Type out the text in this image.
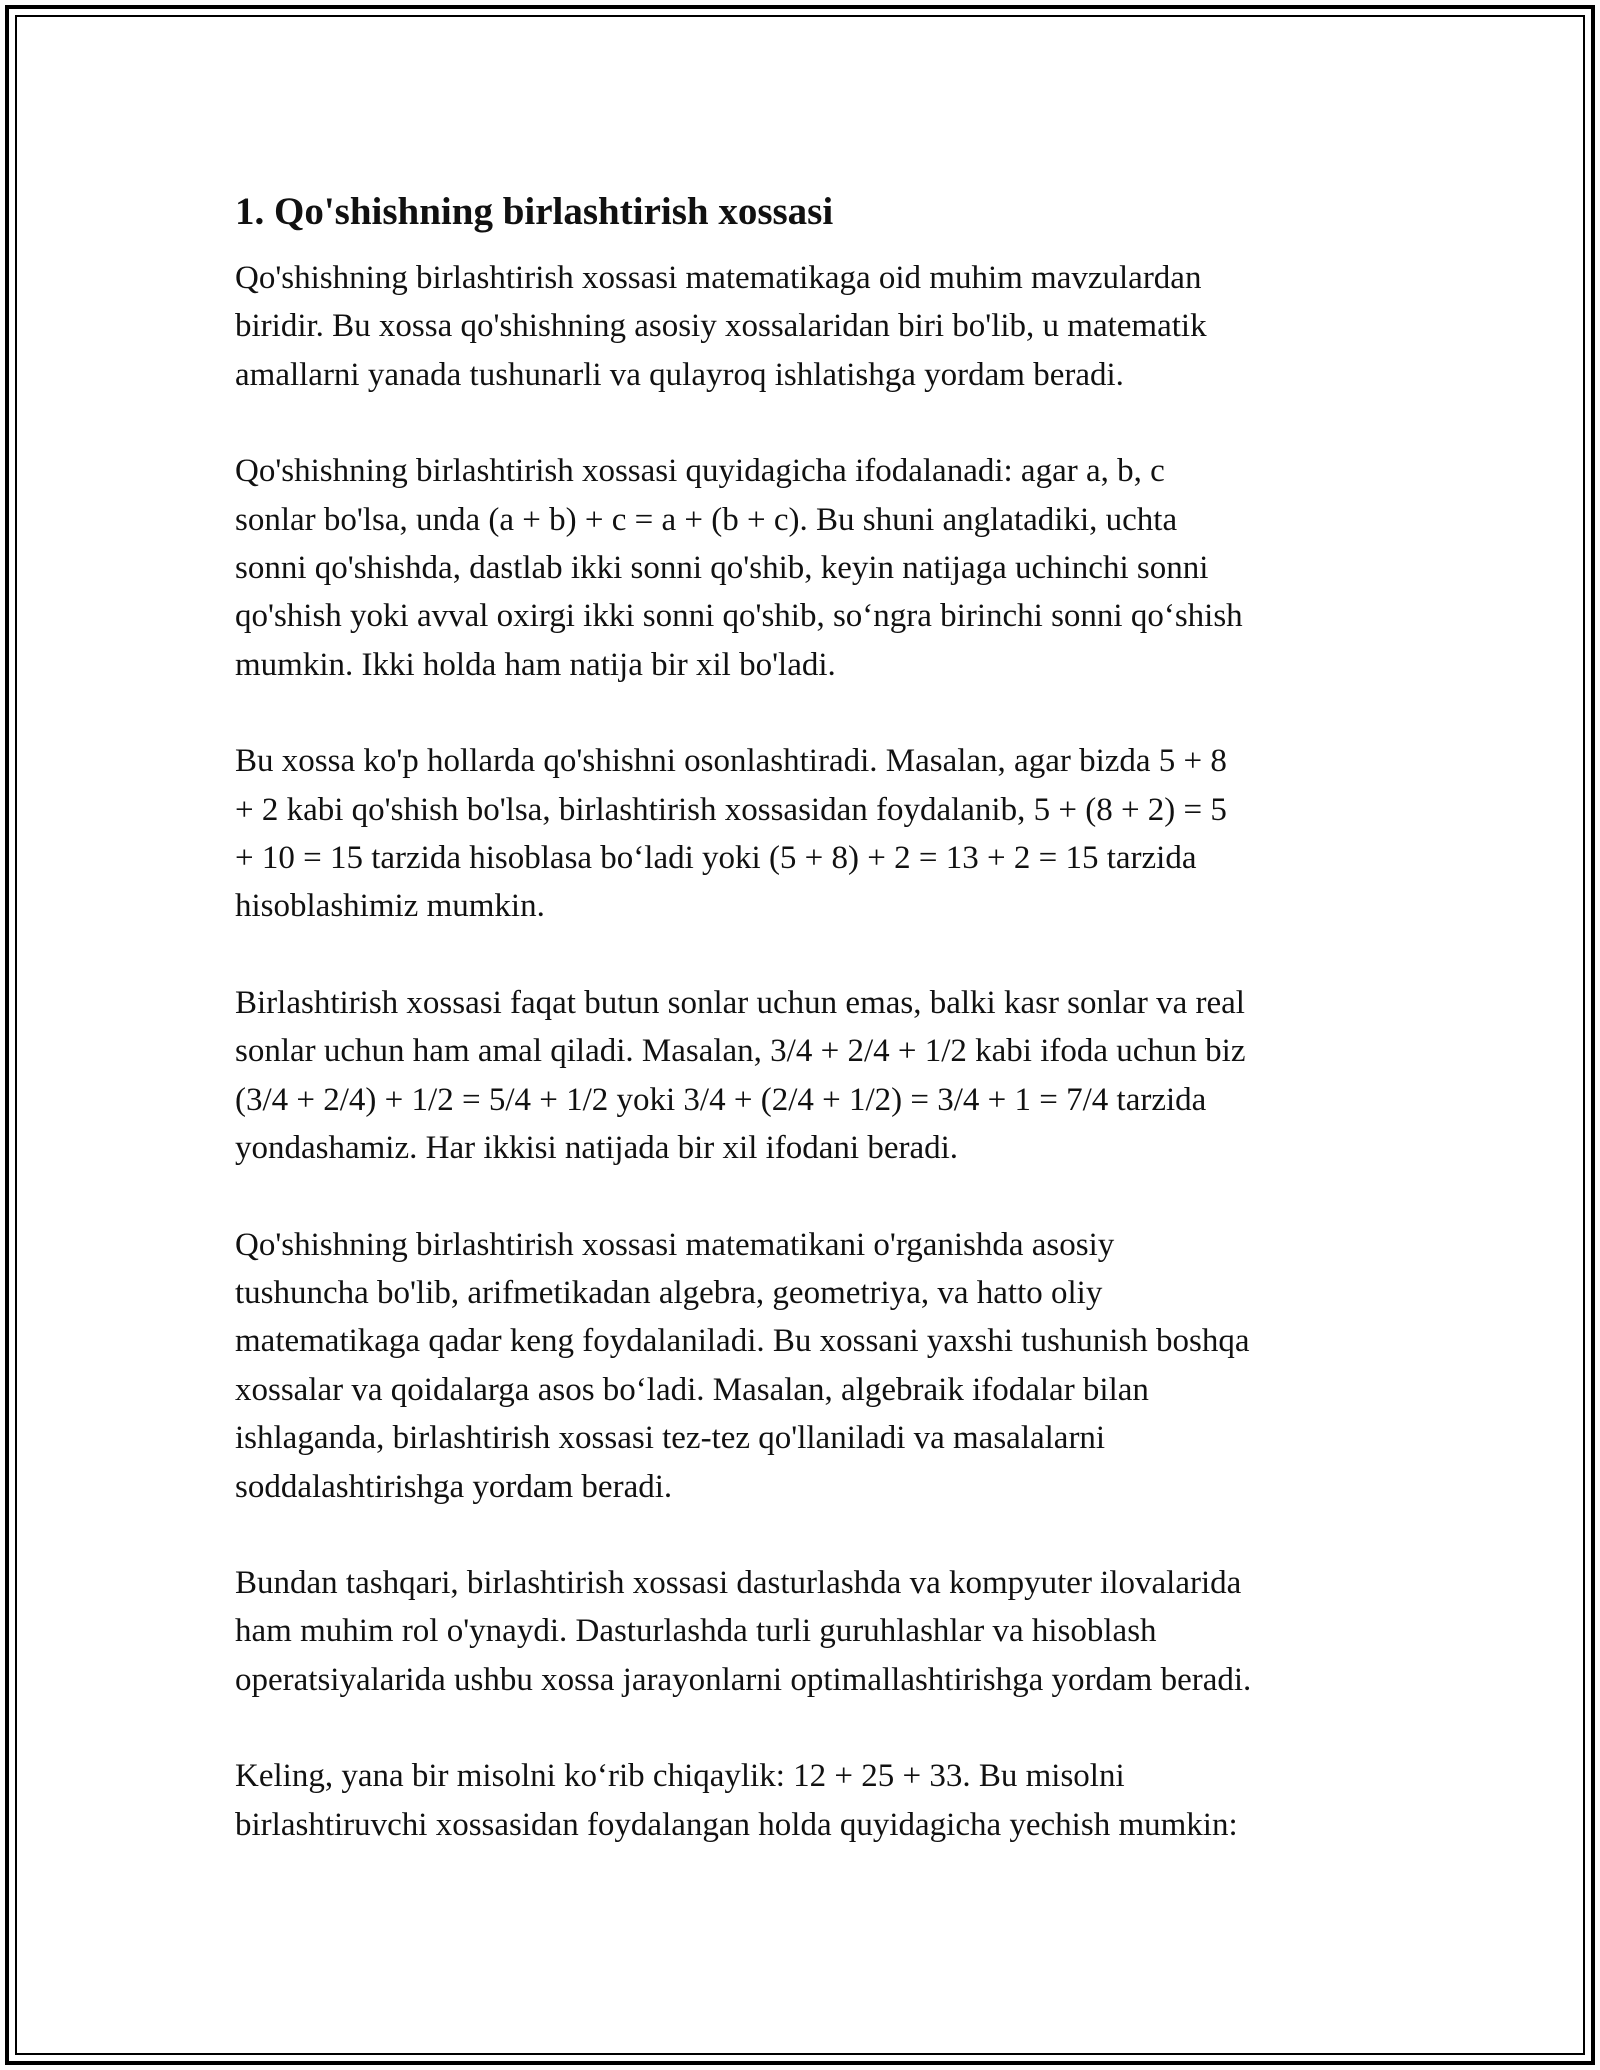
1. Qo'shishning birlashtirish xossasi

Qo'shishning birlashtirish xossasi matematikaga oid muhim mavzulardan
biridir. Bu xossa qo'shishning asosiy xossalaridan biri bo'lib, u matematik
amallarni yanada tushunarli va qulayroq ishlatishga yordam beradi.

Qo'shishning birlashtirish xossasi quyidagicha ifodalanadi: agar a, b, c
sonlar bo'lsa, unda (a + b) + c = a + (b + c). Bu shuni anglatadiki, uchta
sonni qo'shishda, dastlab ikki sonni qo'shib, keyin natijaga uchinchi sonni
qo'shish yoki avval oxirgi ikki sonni qo'shib, so‘ngra birinchi sonni qo‘shish
mumkin. Ikki holda ham natija bir xil bo'ladi.

Bu xossa ko'p hollarda qo'shishni osonlashtiradi. Masalan, agar bizda 5 + 8
+ 2 kabi qo'shish bo'lsa, birlashtirish xossasidan foydalanib, 5 + (8 + 2) = 5
+ 10 = 15 tarzida hisoblasa bo‘ladi yoki (5 + 8) + 2 = 13 + 2 = 15 tarzida
hisoblashimiz mumkin.

Birlashtirish xossasi faqat butun sonlar uchun emas, balki kasr sonlar va real
sonlar uchun ham amal qiladi. Masalan, 3/4 + 2/4 + 1/2 kabi ifoda uchun biz
(3/4 + 2/4) + 1/2 = 5/4 + 1/2 yoki 3/4 + (2/4 + 1/2) = 3/4 + 1 = 7/4 tarzida
yondashamiz. Har ikkisi natijada bir xil ifodani beradi.

Qo'shishning birlashtirish xossasi matematikani o'rganishda asosiy
tushuncha bo'lib, arifmetikadan algebra, geometriya, va hatto oliy
matematikaga qadar keng foydalaniladi. Bu xossani yaxshi tushunish boshqa
xossalar va qoidalarga asos bo‘ladi. Masalan, algebraik ifodalar bilan
ishlaganda, birlashtirish xossasi tez-tez qo'llaniladi va masalalarni
soddalashtirishga yordam beradi.

Bundan tashqari, birlashtirish xossasi dasturlashda va kompyuter ilovalarida
ham muhim rol o'ynaydi. Dasturlashda turli guruhlashlar va hisoblash
operatsiyalarida ushbu xossa jarayonlarni optimallashtirishga yordam beradi.

Keling, yana bir misolni ko‘rib chiqaylik: 12 + 25 + 33. Bu misolni
birlashtiruvchi xossasidan foydalangan holda quyidagicha yechish mumkin:
